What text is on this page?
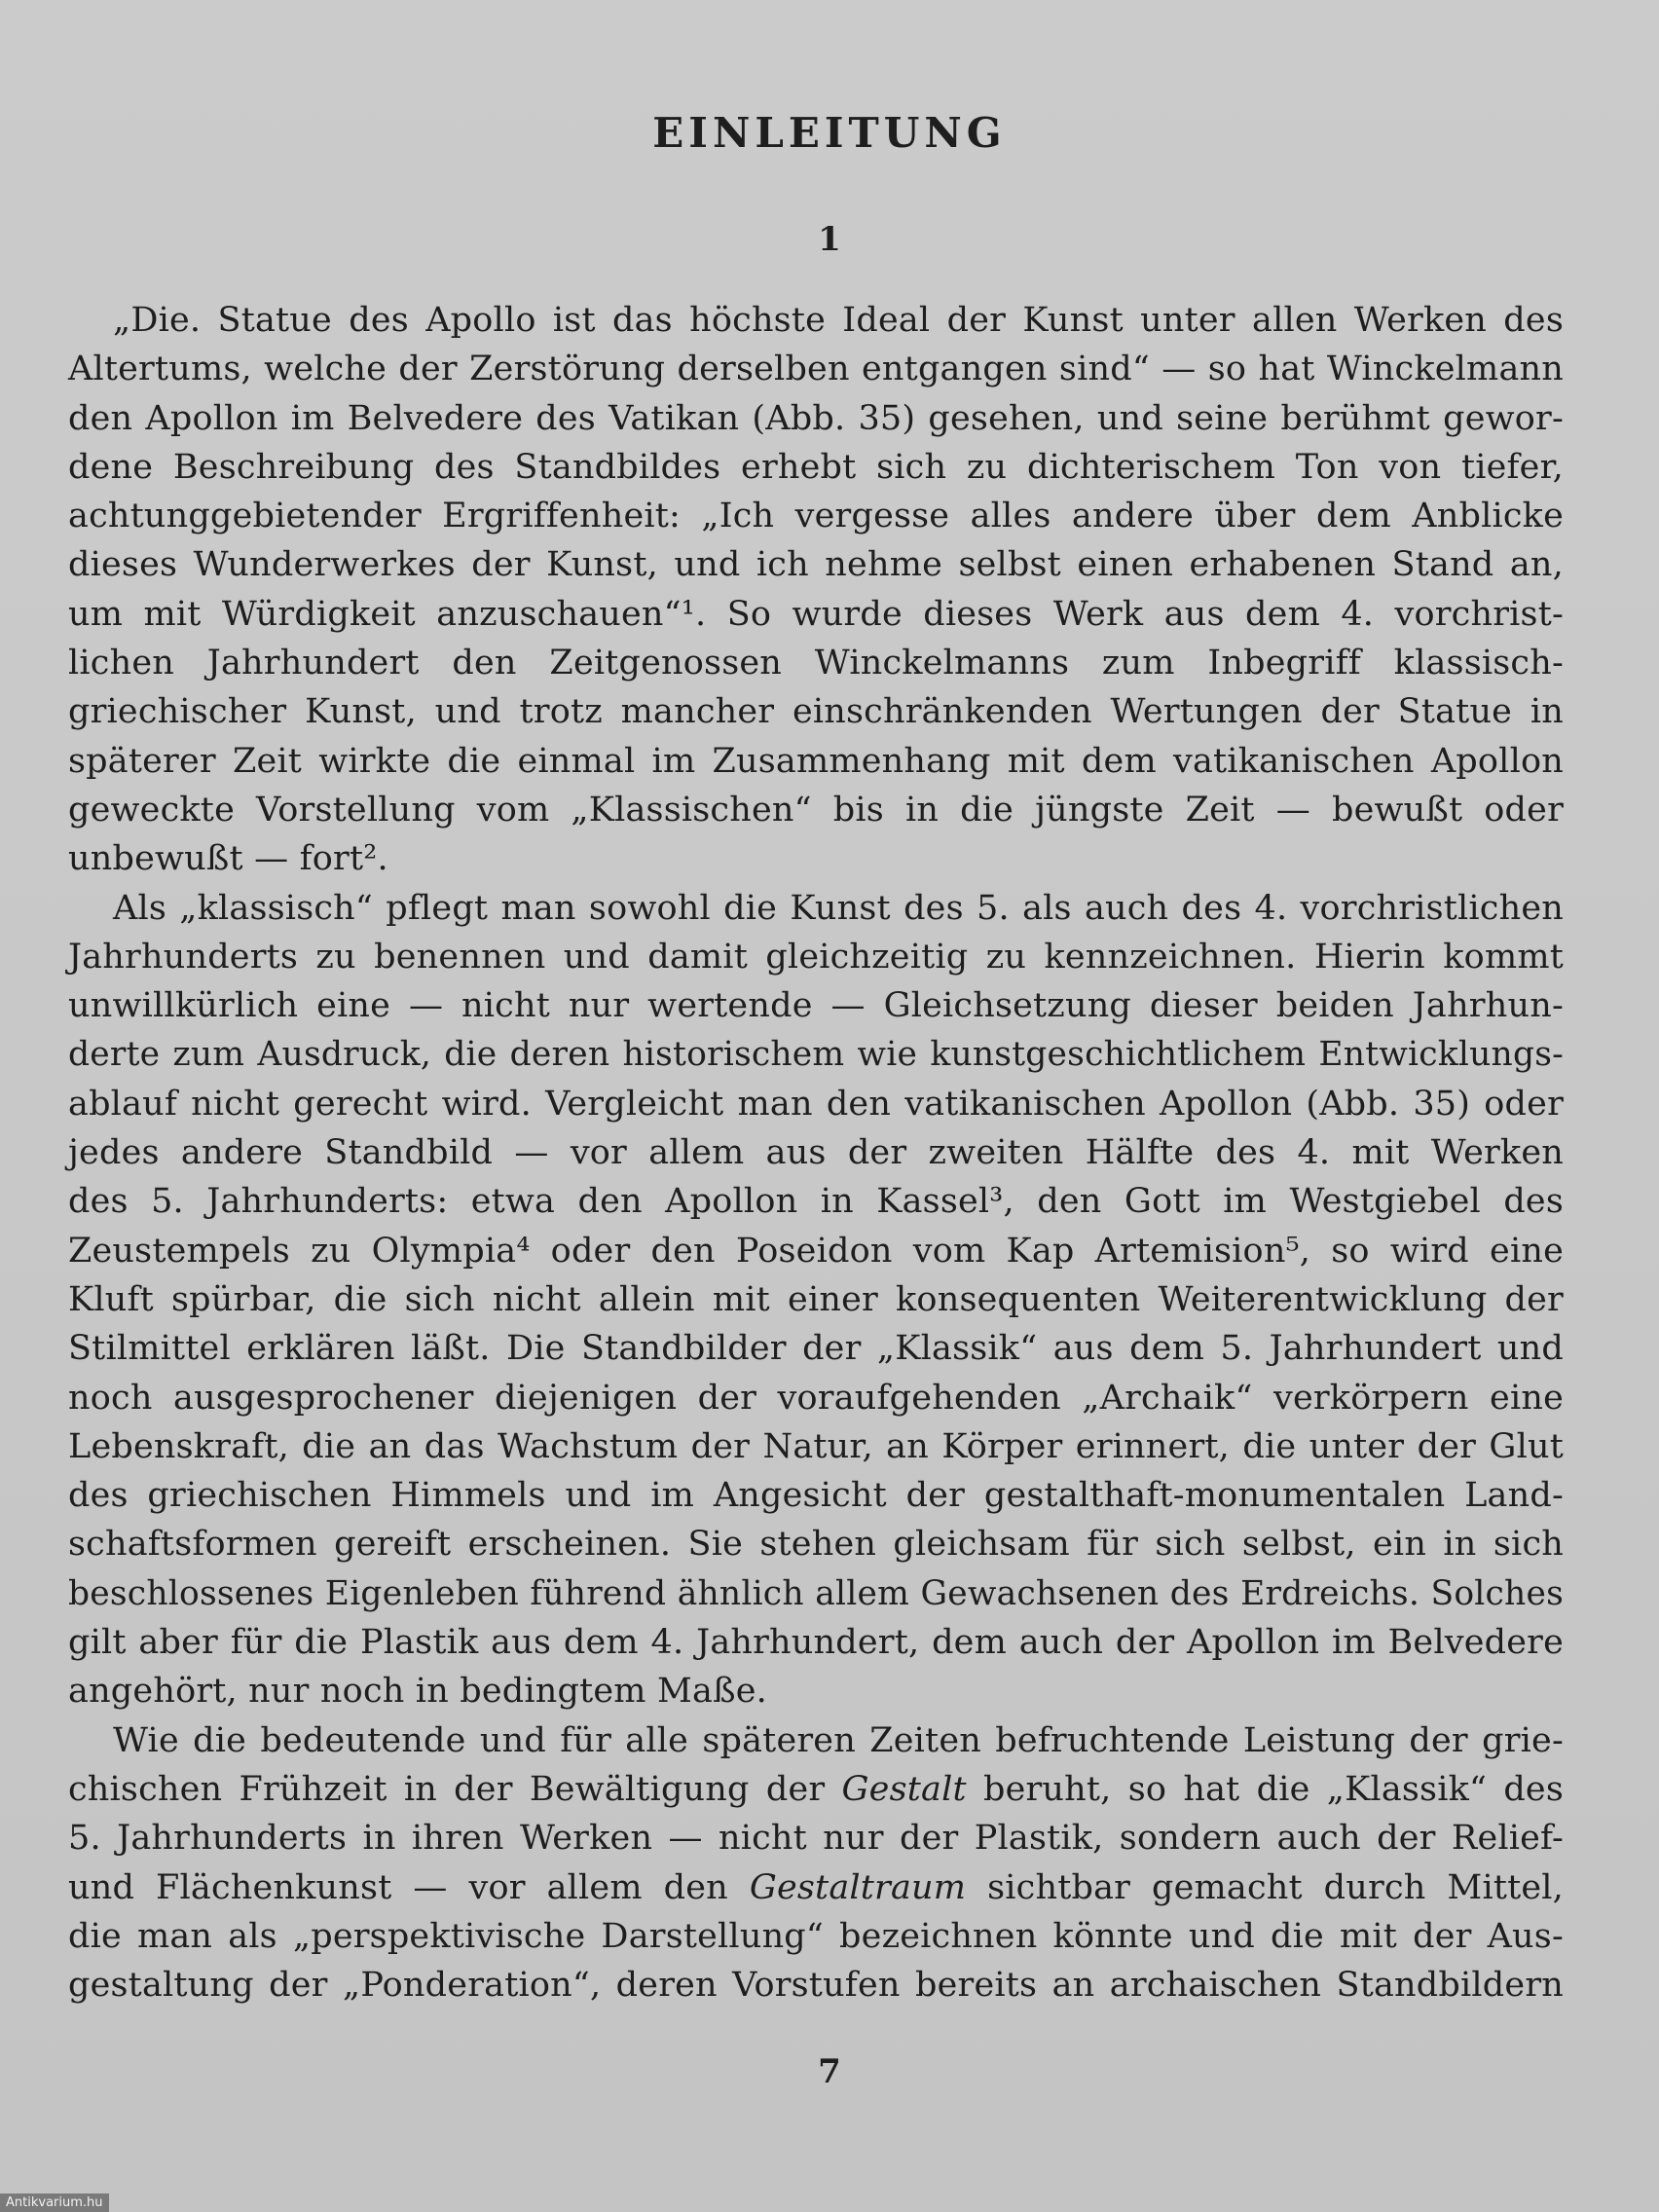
EINLEITUNG
1
„Die. Statue des Apollo ist das höchste Ideal der Kunst unter allen Werken des
Altertums, welche der Zerstörung derselben entgangen sind“ — so hat Winckelmann
den Apollon im Belvedere des Vatikan (Abb. 35) gesehen, und seine berühmt gewor-
dene Beschreibung des Standbildes erhebt sich zu dichterischem Ton von tiefer,
achtunggebietender Ergriffenheit: „Ich vergesse alles andere über dem Anblicke
dieses Wunderwerkes der Kunst, und ich nehme selbst einen erhabenen Stand an,
um mit Würdigkeit anzuschauen“¹. So wurde dieses Werk aus dem 4. vorchrist-
lichen Jahrhundert den Zeitgenossen Winckelmanns zum Inbegriff klassisch-
griechischer Kunst, und trotz mancher einschränkenden Wertungen der Statue in
späterer Zeit wirkte die einmal im Zusammenhang mit dem vatikanischen Apollon
geweckte Vorstellung vom „Klassischen“ bis in die jüngste Zeit — bewußt oder
unbewußt — fort².
Als „klassisch“ pflegt man sowohl die Kunst des 5. als auch des 4. vorchristlichen
Jahrhunderts zu benennen und damit gleichzeitig zu kennzeichnen. Hierin kommt
unwillkürlich eine — nicht nur wertende — Gleichsetzung dieser beiden Jahrhun-
derte zum Ausdruck, die deren historischem wie kunstgeschichtlichem Entwicklungs-
ablauf nicht gerecht wird. Vergleicht man den vatikanischen Apollon (Abb. 35) oder
jedes andere Standbild — vor allem aus der zweiten Hälfte des 4. mit Werken
des 5. Jahrhunderts: etwa den Apollon in Kassel³, den Gott im Westgiebel des
Zeustempels zu Olympia⁴ oder den Poseidon vom Kap Artemision⁵, so wird eine
Kluft spürbar, die sich nicht allein mit einer konsequenten Weiterentwicklung der
Stilmittel erklären läßt. Die Standbilder der „Klassik“ aus dem 5. Jahrhundert und
noch ausgesprochener diejenigen der voraufgehenden „Archaik“ verkörpern eine
Lebenskraft, die an das Wachstum der Natur, an Körper erinnert, die unter der Glut
des griechischen Himmels und im Angesicht der gestalthaft-monumentalen Land-
schaftsformen gereift erscheinen. Sie stehen gleichsam für sich selbst, ein in sich
beschlossenes Eigenleben führend ähnlich allem Gewachsenen des Erdreichs. Solches
gilt aber für die Plastik aus dem 4. Jahrhundert, dem auch der Apollon im Belvedere
angehört, nur noch in bedingtem Maße.
Wie die bedeutende und für alle späteren Zeiten befruchtende Leistung der grie-
chischen Frühzeit in der Bewältigung der Gestalt beruht, so hat die „Klassik“ des
5. Jahrhunderts in ihren Werken — nicht nur der Plastik, sondern auch der Relief-
und Flächenkunst — vor allem den Gestaltraum sichtbar gemacht durch Mittel,
die man als „perspektivische Darstellung“ bezeichnen könnte und die mit der Aus-
gestaltung der „Ponderation“, deren Vorstufen bereits an archaischen Standbildern
7
Antikvarium.hu
